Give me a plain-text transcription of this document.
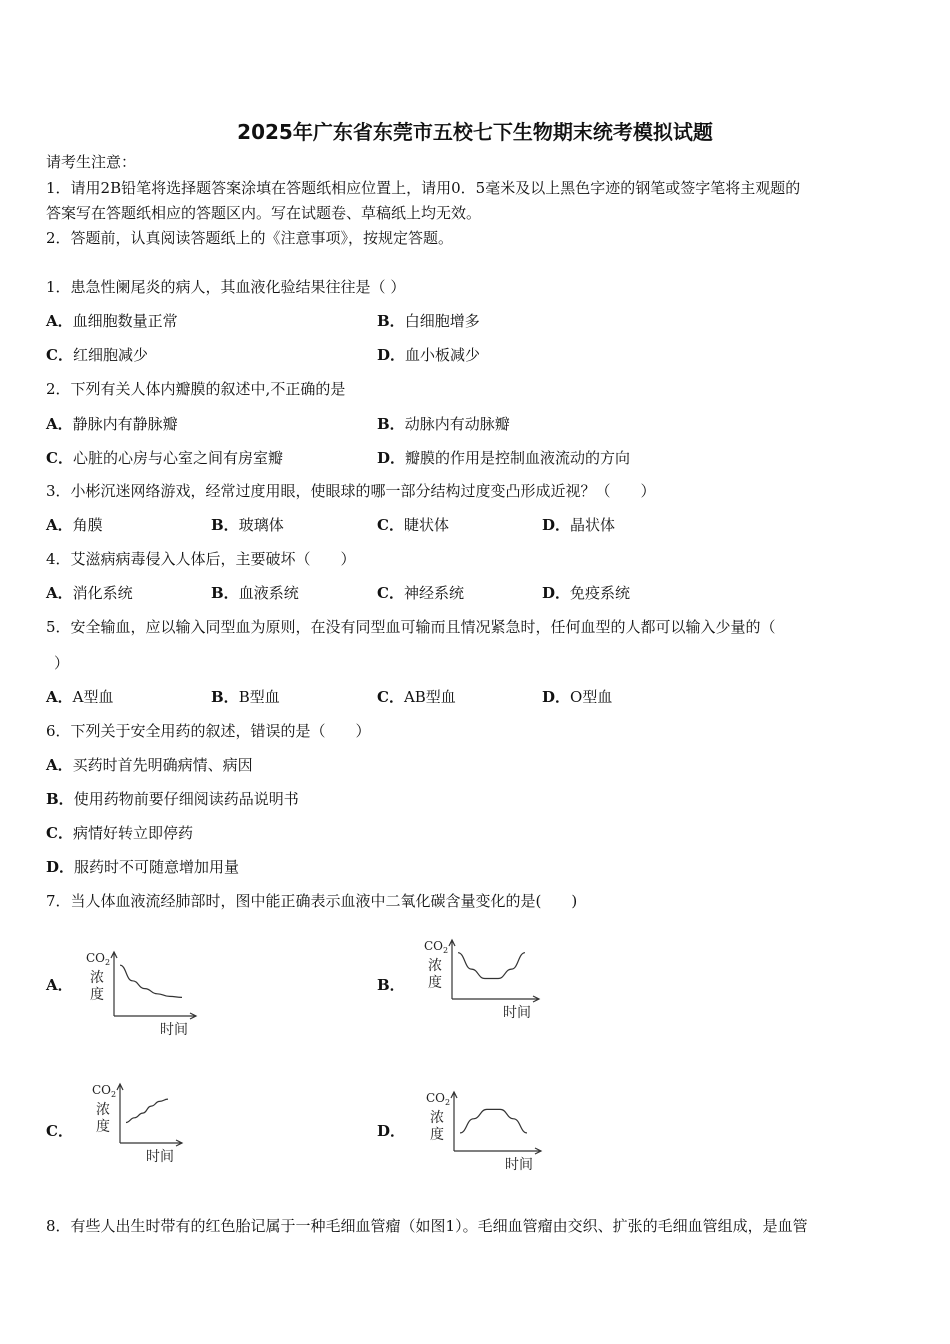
2025年广东省东莞市五校七下生物期末统考模拟试题
请考生注意：
1．请用2B铅笔将选择题答案涂填在答题纸相应位置上，请用0．5毫米及以上黑色字迹的钢笔或签字笔将主观题的
答案写在答题纸相应的答题区内。写在试题卷、草稿纸上均无效。
2．答题前，认真阅读答题纸上的《注意事项》，按规定答题。
1．患急性阑尾炎的病人，其血液化验结果往往是（ ）
A．血细胞数量正常	B．白细胞增多
C．红细胞减少	D．血小板减少
2．下列有关人体内瓣膜的叙述中,不正确的是
A．静脉内有静脉瓣	B．动脉内有动脉瓣
C．心脏的心房与心室之间有房室瓣	D．瓣膜的作用是控制血液流动的方向
3．小彬沉迷网络游戏，经常过度用眼，使眼球的哪一部分结构过度变凸形成近视？（　　）
A．角膜	B．玻璃体	C．睫状体	D．晶状体
4．艾滋病病毒侵入人体后，主要破坏（　　）
A．消化系统	B．血液系统	C．神经系统	D．免疫系统
5．安全输血，应以输入同型血为原则，在没有同型血可输而且情况紧急时，任何血型的人都可以输入少量的（
）
A．A型血	B．B型血	C．AB型血	D．O型血
6．下列关于安全用药的叙述，错误的是（　　）
A．买药时首先明确病情、病因
B．使用药物前要仔细阅读药品说明书
C．病情好转立即停药
D．服药时不可随意增加用量
7．当人体血液流经肺部时，图中能正确表示血液中二氧化碳含量变化的是(　　)
A．	B．
C．	D．
$CO_2$
浓
度
时间
$CO_2$
浓
度
时间
$CO_2$
浓
度
时间
$CO_2$
浓
度
时间
8．有些人出生时带有的红色胎记属于一种毛细血管瘤（如图1）。毛细血管瘤由交织、扩张的毛细血管组成，是血管
